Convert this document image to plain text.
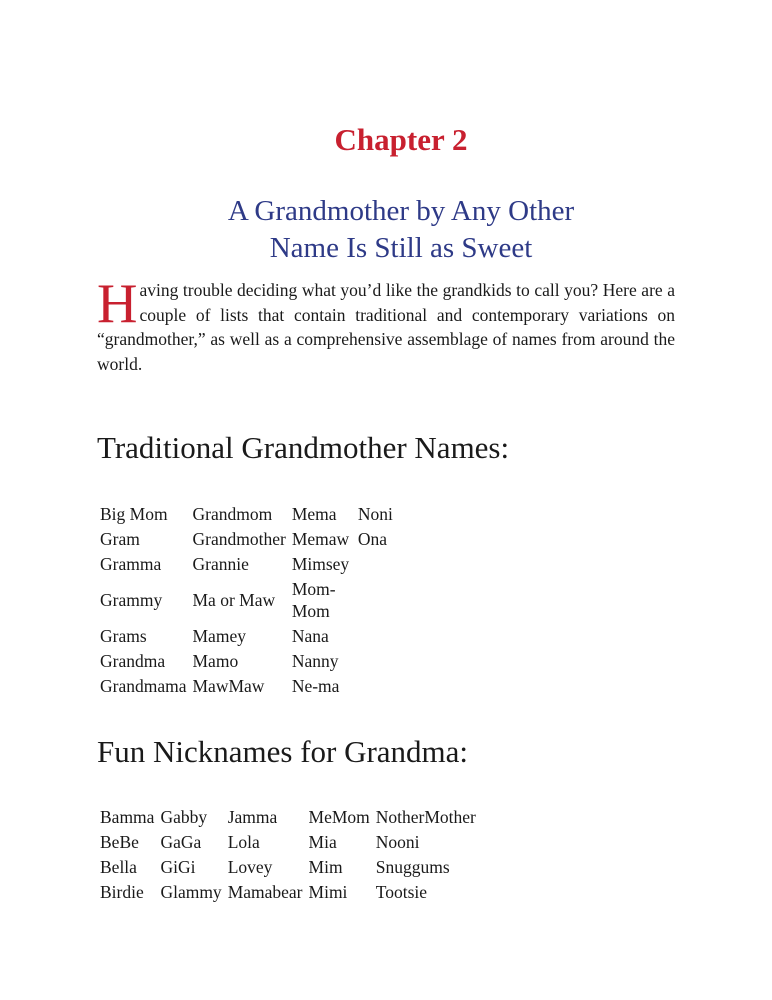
Chapter 2
A Grandmother by Any Other
Name Is Still as Sweet

Having trouble deciding what you’d like the grandkids to call you? Here are a couple of lists that contain traditional and contemporary variations on “grandmother,” as well as a comprehensive assemblage of names from around the world.

Traditional Grandmother Names:
Big Mom	Grandmom	Mema	Noni
Gram	Grandmother	Memaw	Ona
Gramma	Grannie	Mimsey	
Grammy	Ma or Maw	Mom-Mom	
Grams	Mamey	Nana	
Grandma	Mamo	Nanny	
Grandmama	MawMaw	Ne-ma	
Fun Nicknames for Grandma:
Bamma	Gabby	Jamma	MeMom	NotherMother
BeBe	GaGa	Lola	Mia	Nooni
Bella	GiGi	Lovey	Mim	Snuggums
Birdie	Glammy	Mamabear	Mimi	Tootsie
